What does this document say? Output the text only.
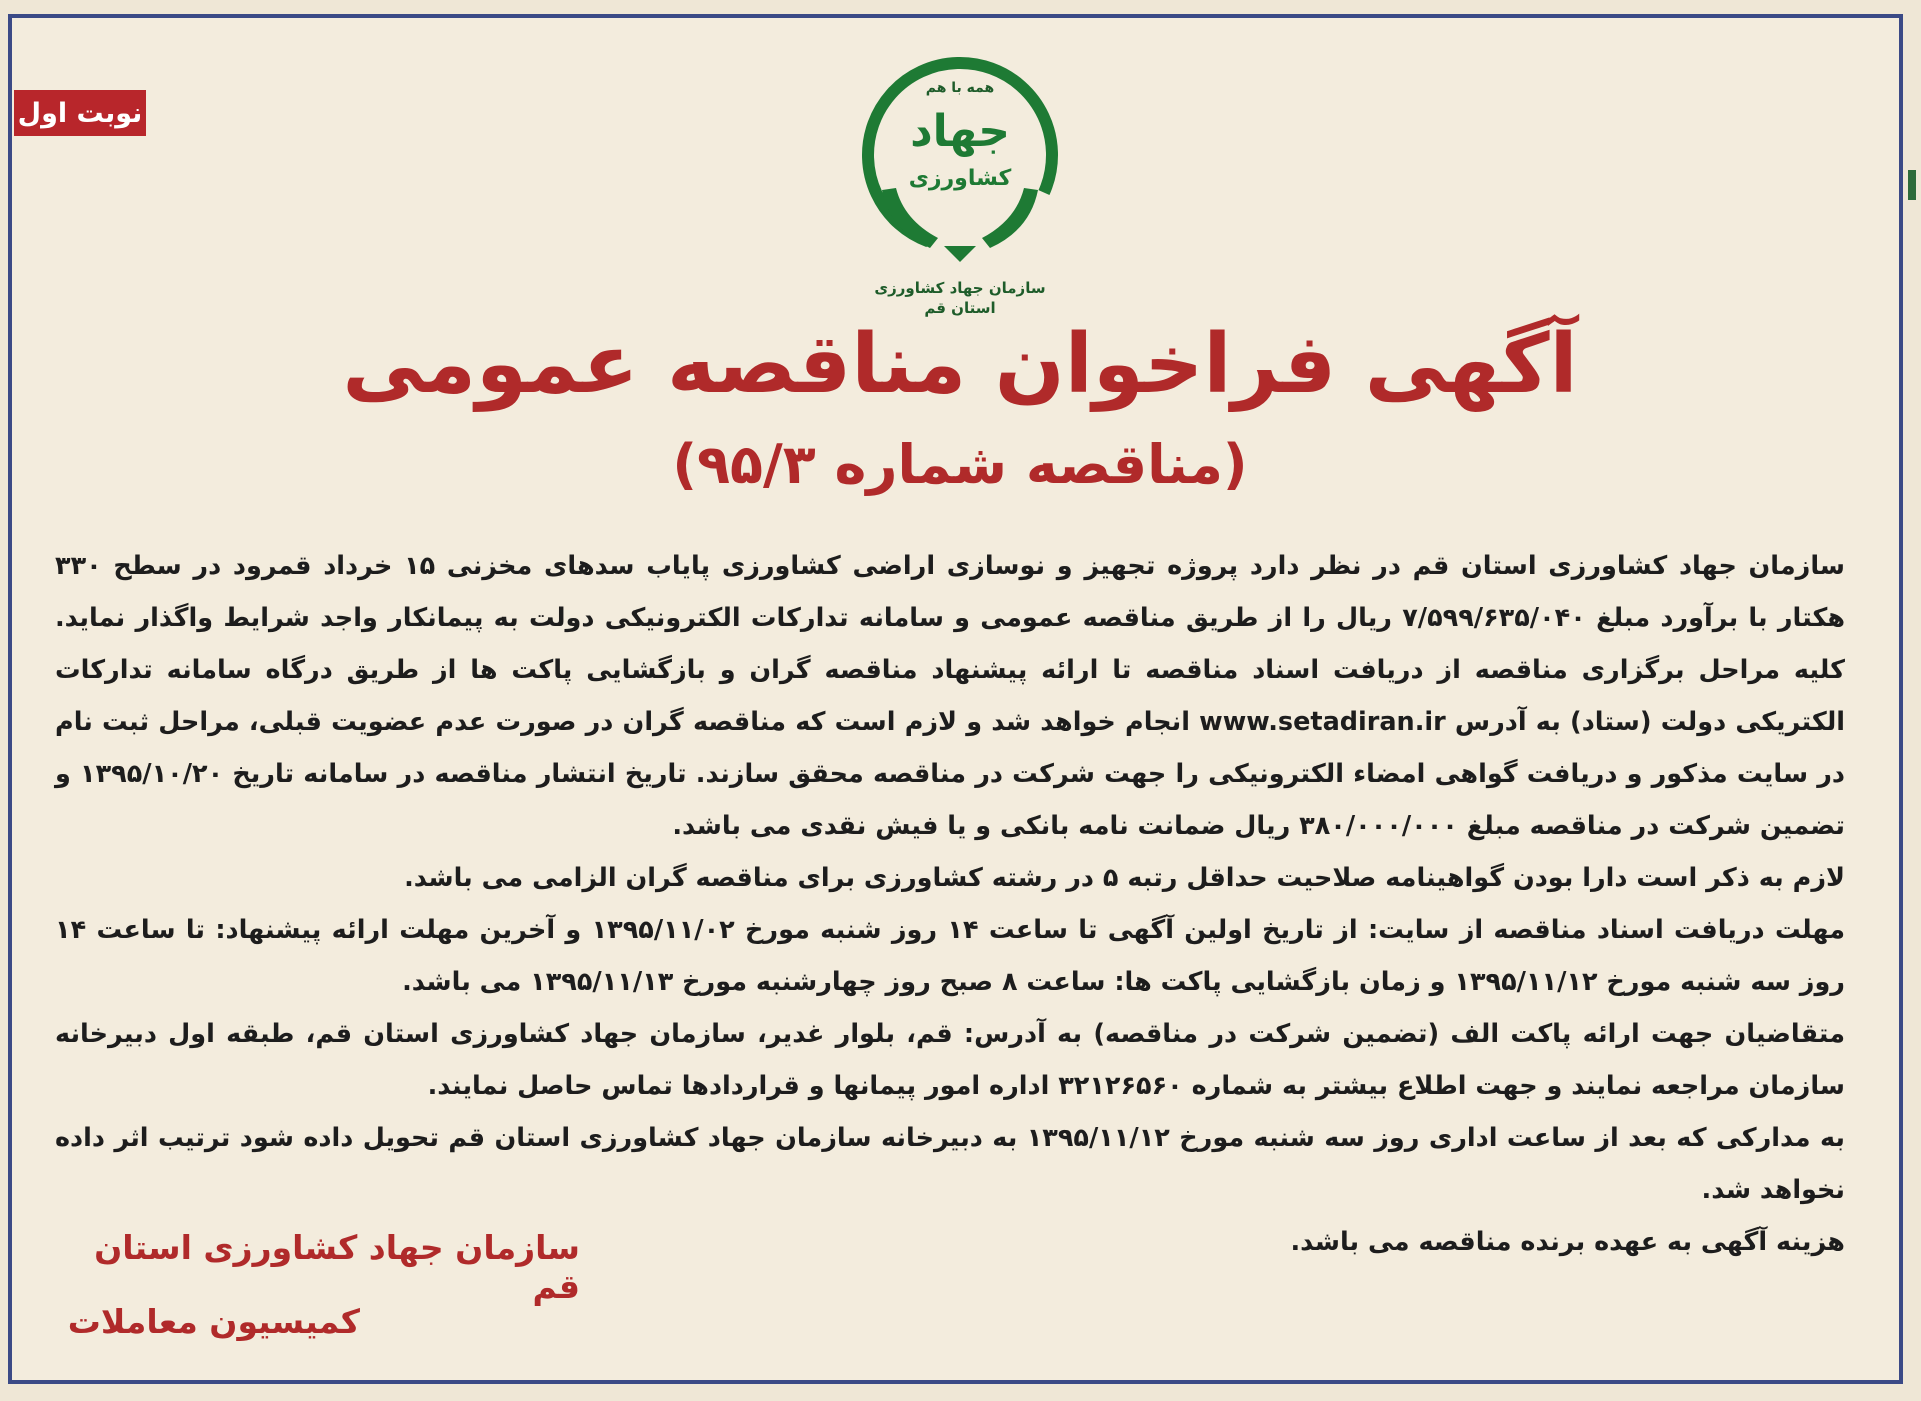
نوبت اول
همه با هم
جهاد
کشاورزی
سازمان جهاد کشاورزی
استان قم
آگهی فراخوان مناقصه عمومی
(مناقصه شماره ۹۵/۳)

سازمان جهاد کشاورزی استان قم در نظر دارد پروژه تجهیز و نوسازی اراضی کشاورزی پایاب سدهای مخزنی ۱۵ خرداد قمرود در سطح ۳۳۰ هکتار با برآورد مبلغ ۷/۵۹۹/۶۳۵/۰۴۰ ریال را از طریق مناقصه عمومی و سامانه تدارکات الکترونیکی دولت به پیمانکار واجد شرایط واگذار نماید. کلیه مراحل برگزاری مناقصه از دریافت اسناد مناقصه تا ارائه پیشنهاد مناقصه گران و بازگشایی پاکت ها از طریق درگاه سامانه تدارکات الکتریکی دولت (ستاد) به آدرس www.setadiran.ir انجام خواهد شد و لازم است که مناقصه گران در صورت عدم عضویت قبلی، مراحل ثبت نام در سایت مذکور و دریافت گواهی امضاء الکترونیکی را جهت شرکت در مناقصه محقق سازند. تاریخ انتشار مناقصه در سامانه تاریخ ۱۳۹۵/۱۰/۲۰ و تضمین شرکت در مناقصه مبلغ ۳۸۰/۰۰۰/۰۰۰ ریال ضمانت نامه بانکی و یا فیش نقدی می باشد.

لازم به ذکر است دارا بودن گواهینامه صلاحیت حداقل رتبه ۵ در رشته کشاورزی برای مناقصه گران الزامی می باشد.

مهلت دریافت اسناد مناقصه از سایت: از تاریخ اولین آگهی تا ساعت ۱۴ روز شنبه مورخ ۱۳۹۵/۱۱/۰۲ و آخرین مهلت ارائه پیشنهاد: تا ساعت ۱۴ روز سه شنبه مورخ ۱۳۹۵/۱۱/۱۲ و زمان بازگشایی پاکت ها: ساعت ۸ صبح روز چهارشنبه مورخ ۱۳۹۵/۱۱/۱۳ می باشد.

متقاضیان جهت ارائه پاکت الف (تضمین شرکت در مناقصه) به آدرس: قم، بلوار غدیر، سازمان جهاد کشاورزی استان قم، طبقه اول دبیرخانه سازمان مراجعه نمایند و جهت اطلاع بیشتر به شماره ۳۲۱۲۶۵۶۰ اداره امور پیمانها و قراردادها تماس حاصل نمایند.

به مدارکی که بعد از ساعت اداری روز سه شنبه مورخ ۱۳۹۵/۱۱/۱۲ به دبیرخانه سازمان جهاد کشاورزی استان قم تحویل داده شود ترتیب اثر داده نخواهد شد.

هزینه آگهی به عهده برنده مناقصه می باشد.

سازمان جهاد کشاورزی استان قم
کمیسیون معاملات
